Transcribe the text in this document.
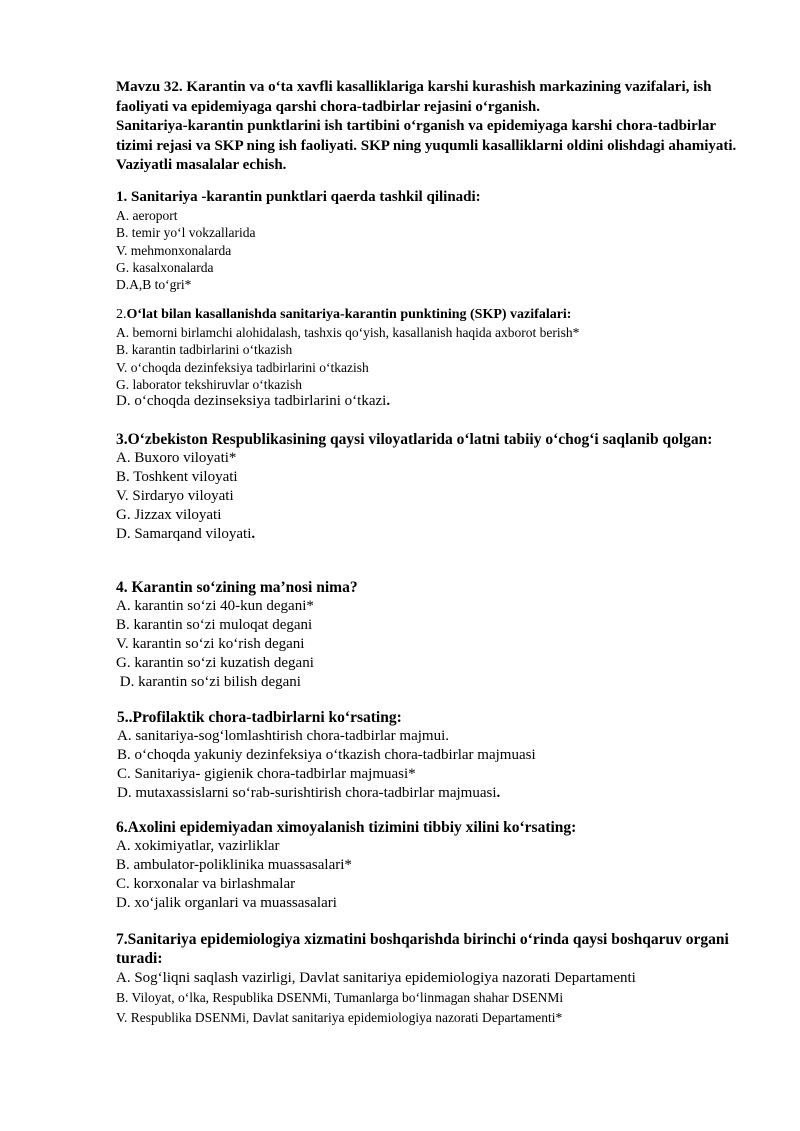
Mavzu 32. Karantin va o‘ta xavfli kasalliklariga karshi kurashish markazining vazifalari, ish faoliyati va epidemiyaga qarshi chora-tadbirlar rejasini o‘rganish.

Sanitariya-karantin punktlarini ish tartibini o‘rganish va epidemiyaga karshi chora-tadbirlar tizimi rejasi va SKP ning ish faoliyati. SKP ning yuqumli kasalliklarni oldini olishdagi ahamiyati. Vaziyatli masalalar echish.

1. Sanitariya -karantin punktlari qaerda tashkil qilinadi:
A. aeroport
B. temir yo‘l vokzallarida
V. mehmonxonalarda
G. kasalxonalarda
D.A,B to‘gri*
2.O‘lat bilan kasallanishda sanitariya-karantin punktining (SKP) vazifalari:
A. bemorni birlamchi alohidalash, tashxis qo‘yish, kasallanish haqida axborot berish*
B. karantin tadbirlarini o‘tkazish
V. o‘choqda dezinfeksiya tadbirlarini o‘tkazish
G. laborator tekshiruvlar o‘tkazish
D. o‘choqda dezinseksiya tadbirlarini o‘tkazi.
3.O‘zbekiston Respublikasining qaysi viloyatlarida o‘latni tabiiy o‘chog‘i saqlanib qolgan:
A. Buxoro viloyati*
B. Toshkent viloyati
V. Sirdaryo viloyati
G. Jizzax viloyati
D. Samarqand viloyati.
4. Karantin so‘zining ma’nosi nima?
A. karantin so‘zi 40-kun degani*
B. karantin so‘zi muloqat degani
V. karantin so‘zi ko‘rish degani
G. karantin so‘zi kuzatish degani
D. karantin so‘zi bilish degani
5..Profilaktik chora-tadbirlarni ko‘rsating:
A. sanitariya-sog‘lomlashtirish chora-tadbirlar majmui.
B. o‘choqda yakuniy dezinfeksiya o‘tkazish chora-tadbirlar majmuasi
C. Sanitariya- gigienik chora-tadbirlar majmuasi*
D. mutaxassislarni so‘rab-surishtirish chora-tadbirlar majmuasi.
6.Axolini epidemiyadan ximoyalanish tizimini tibbiy xilini ko‘rsating:
A. xokimiyatlar, vazirliklar
B. ambulator-poliklinika muassasalari*
C. korxonalar va birlashmalar
D. xo‘jalik organlari va muassasalari
7.Sanitariya epidemiologiya xizmatini boshqarishda birinchi o‘rinda qaysi boshqaruv organi turadi:
A. Sog‘liqni saqlash vazirligi, Davlat sanitariya epidemiologiya nazorati Departamenti
B. Viloyat, o‘lka, Respublika DSENMi, Tumanlarga bo‘linmagan shahar DSENMi
V. Respublika DSENMi, Davlat sanitariya epidemiologiya nazorati Departamenti*
